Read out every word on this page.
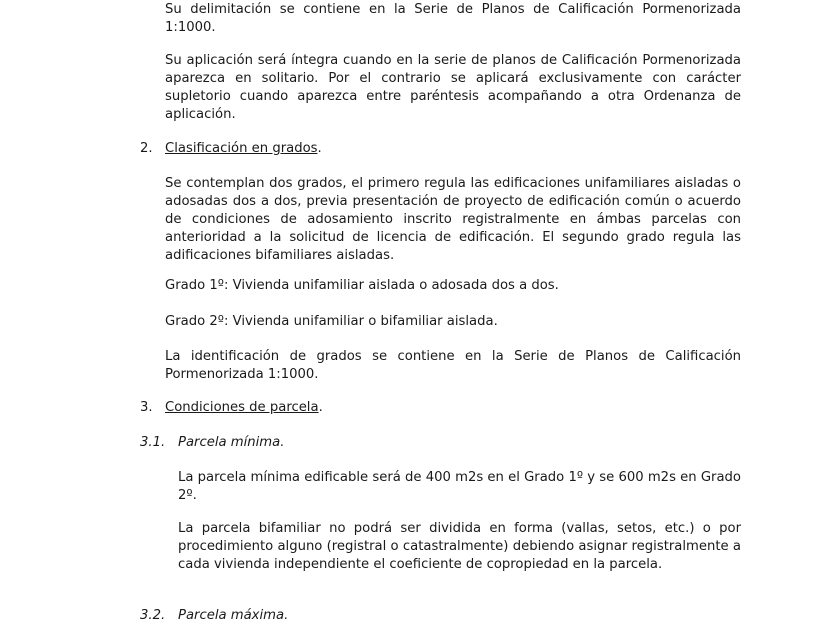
Su delimitación se contiene en la Serie de Planos de Calificación Pormenorizada 1:1000.

Su aplicación será íntegra cuando en la serie de planos de Calificación Pormenorizada aparezca en solitario. Por el contrario se aplicará exclusivamente con carácter supletorio cuando aparezca entre paréntesis acompañando a otra Ordenanza de aplicación.

2. Clasificación en grados.

Se contemplan dos grados, el primero regula las edificaciones unifamiliares aisladas o adosadas dos a dos, previa presentación de proyecto de edificación común o acuerdo de condiciones de adosamiento inscrito registralmente en ámbas parcelas con anterioridad a la solicitud de licencia de edificación. El segundo grado regula las adificaciones bifamiliares aisladas.

Grado 1º: Vivienda unifamiliar aislada o adosada dos a dos.

Grado 2º: Vivienda unifamiliar o bifamiliar aislada.

La identificación de grados se contiene en la Serie de Planos de Calificación Pormenorizada 1:1000.

3. Condiciones de parcela.
3.1. Parcela mínima.

La parcela mínima edificable será de 400 m2s en el Grado 1º y se 600 m2s en Grado 2º.

La parcela bifamiliar no podrá ser dividida en forma (vallas, setos, etc.) o por procedimiento alguno (registral o catastralmente) debiendo asignar registralmente a cada vivienda independiente el coeficiente de copropiedad en la parcela.

3.2. Parcela máxima.
